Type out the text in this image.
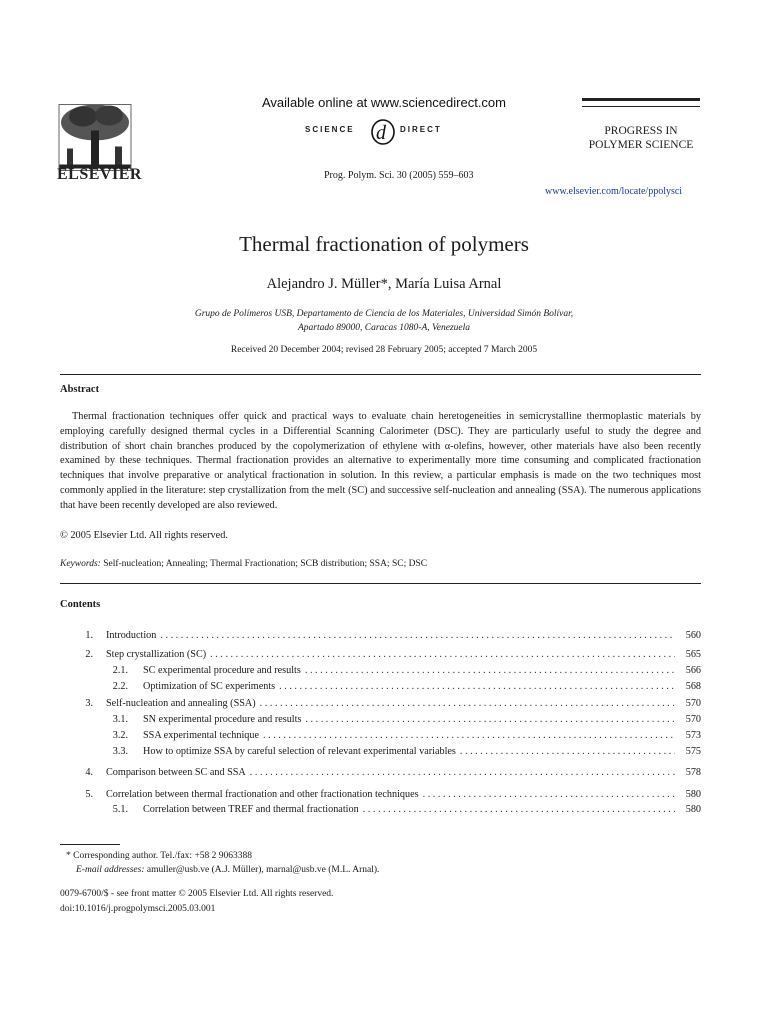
ELSEVIER
Available online at www.sciencedirect.com
SCIENCE d DIRECT
Prog. Polym. Sci. 30 (2005) 559–603
PROGRESS IN
POLYMER SCIENCE
www.elsevier.com/locate/ppolysci
Thermal fractionation of polymers
Alejandro J. Müller*, María Luisa Arnal
Grupo de Polímeros USB, Departamento de Ciencia de los Materiales, Universidad Simón Bolívar,
Apartado 89000, Caracas 1080-A, Venezuela
Received 20 December 2004; revised 28 February 2005; accepted 7 March 2005
Abstract

Thermal fractionation techniques offer quick and practical ways to evaluate chain heretogeneities in semicrystalline thermoplastic materials by employing carefully designed thermal cycles in a Differential Scanning Calorimeter (DSC). They are particularly useful to study the degree and distribution of short chain branches produced by the copolymerization of ethylene with α-olefins, however, other materials have also been recently examined by these techniques. Thermal fractionation provides an alternative to experimentally more time consuming and complicated fractionation techniques that involve preparative or analytical fractionation in solution. In this review, a particular emphasis is made on the two techniques most commonly applied in the literature: step crystallization from the melt (SC) and successive self-nucleation and annealing (SSA). The numerous applications that have been recently developed are also reviewed.

© 2005 Elsevier Ltd. All rights reserved.
Keywords: Self-nucleation; Annealing; Thermal Fractionation; SCB distribution; SSA; SC; DSC
Contents
1. Introduction . . .	560
2. Step crystallization (SC) . . .	565
2.1. SC experimental procedure and results . . .	566
2.2. Optimization of SC experiments . . .	568
3. Self-nucleation and annealing (SSA) . . .	570
3.1. SN experimental procedure and results . . .	570
3.2. SSA experimental technique . . .	573
3.3. How to optimize SSA by careful selection of relevant experimental variables . . .	575
4. Comparison between SC and SSA . . .	578
5. Correlation between thermal fractionation and other fractionation techniques . . .	580
5.1. Correlation between TREF and thermal fractionation . . .	580
* Corresponding author. Tel./fax: +58 2 9063388
E-mail addresses: amuller@usb.ve (A.J. Müller), marnal@usb.ve (M.L. Arnal).
0079-6700/$ - see front matter © 2005 Elsevier Ltd. All rights reserved.
doi:10.1016/j.progpolymsci.2005.03.001
